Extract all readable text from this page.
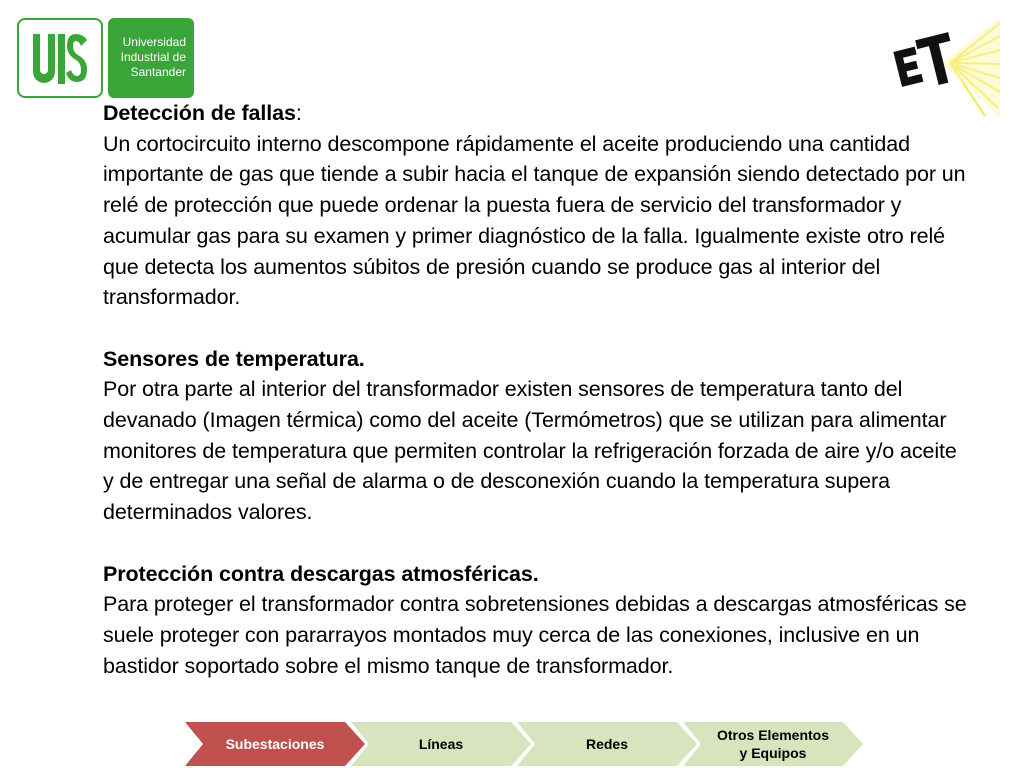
Universidad
Industrial de
Santander

Detección de fallas:

Un cortocircuito interno descompone rápidamente el aceite produciendo una cantidad importante de gas que tiende a subir hacia el tanque de expansión siendo detectado por un relé de protección que puede ordenar la puesta fuera de servicio del transformador y acumular gas para su examen y primer diagnóstico de la falla. Igualmente existe otro relé que detecta los aumentos súbitos de presión cuando se produce gas al interior del transformador.

Sensores de temperatura.

Por otra parte al interior del transformador existen sensores de temperatura tanto del devanado (Imagen térmica) como del aceite (Termómetros) que se utilizan para alimentar monitores de temperatura que permiten controlar la refrigeración forzada de aire y/o aceite y de entregar una señal de alarma o de desconexión cuando la temperatura supera determinados valores.

Protección contra descargas atmosféricas.

Para proteger el transformador contra sobretensiones debidas a descargas atmosféricas se suele proteger con pararrayos montados muy cerca de las conexiones, inclusive en un bastidor soportado sobre el mismo tanque de transformador.

Subestaciones	Líneas	Redes
Otros Elementos
y Equipos
